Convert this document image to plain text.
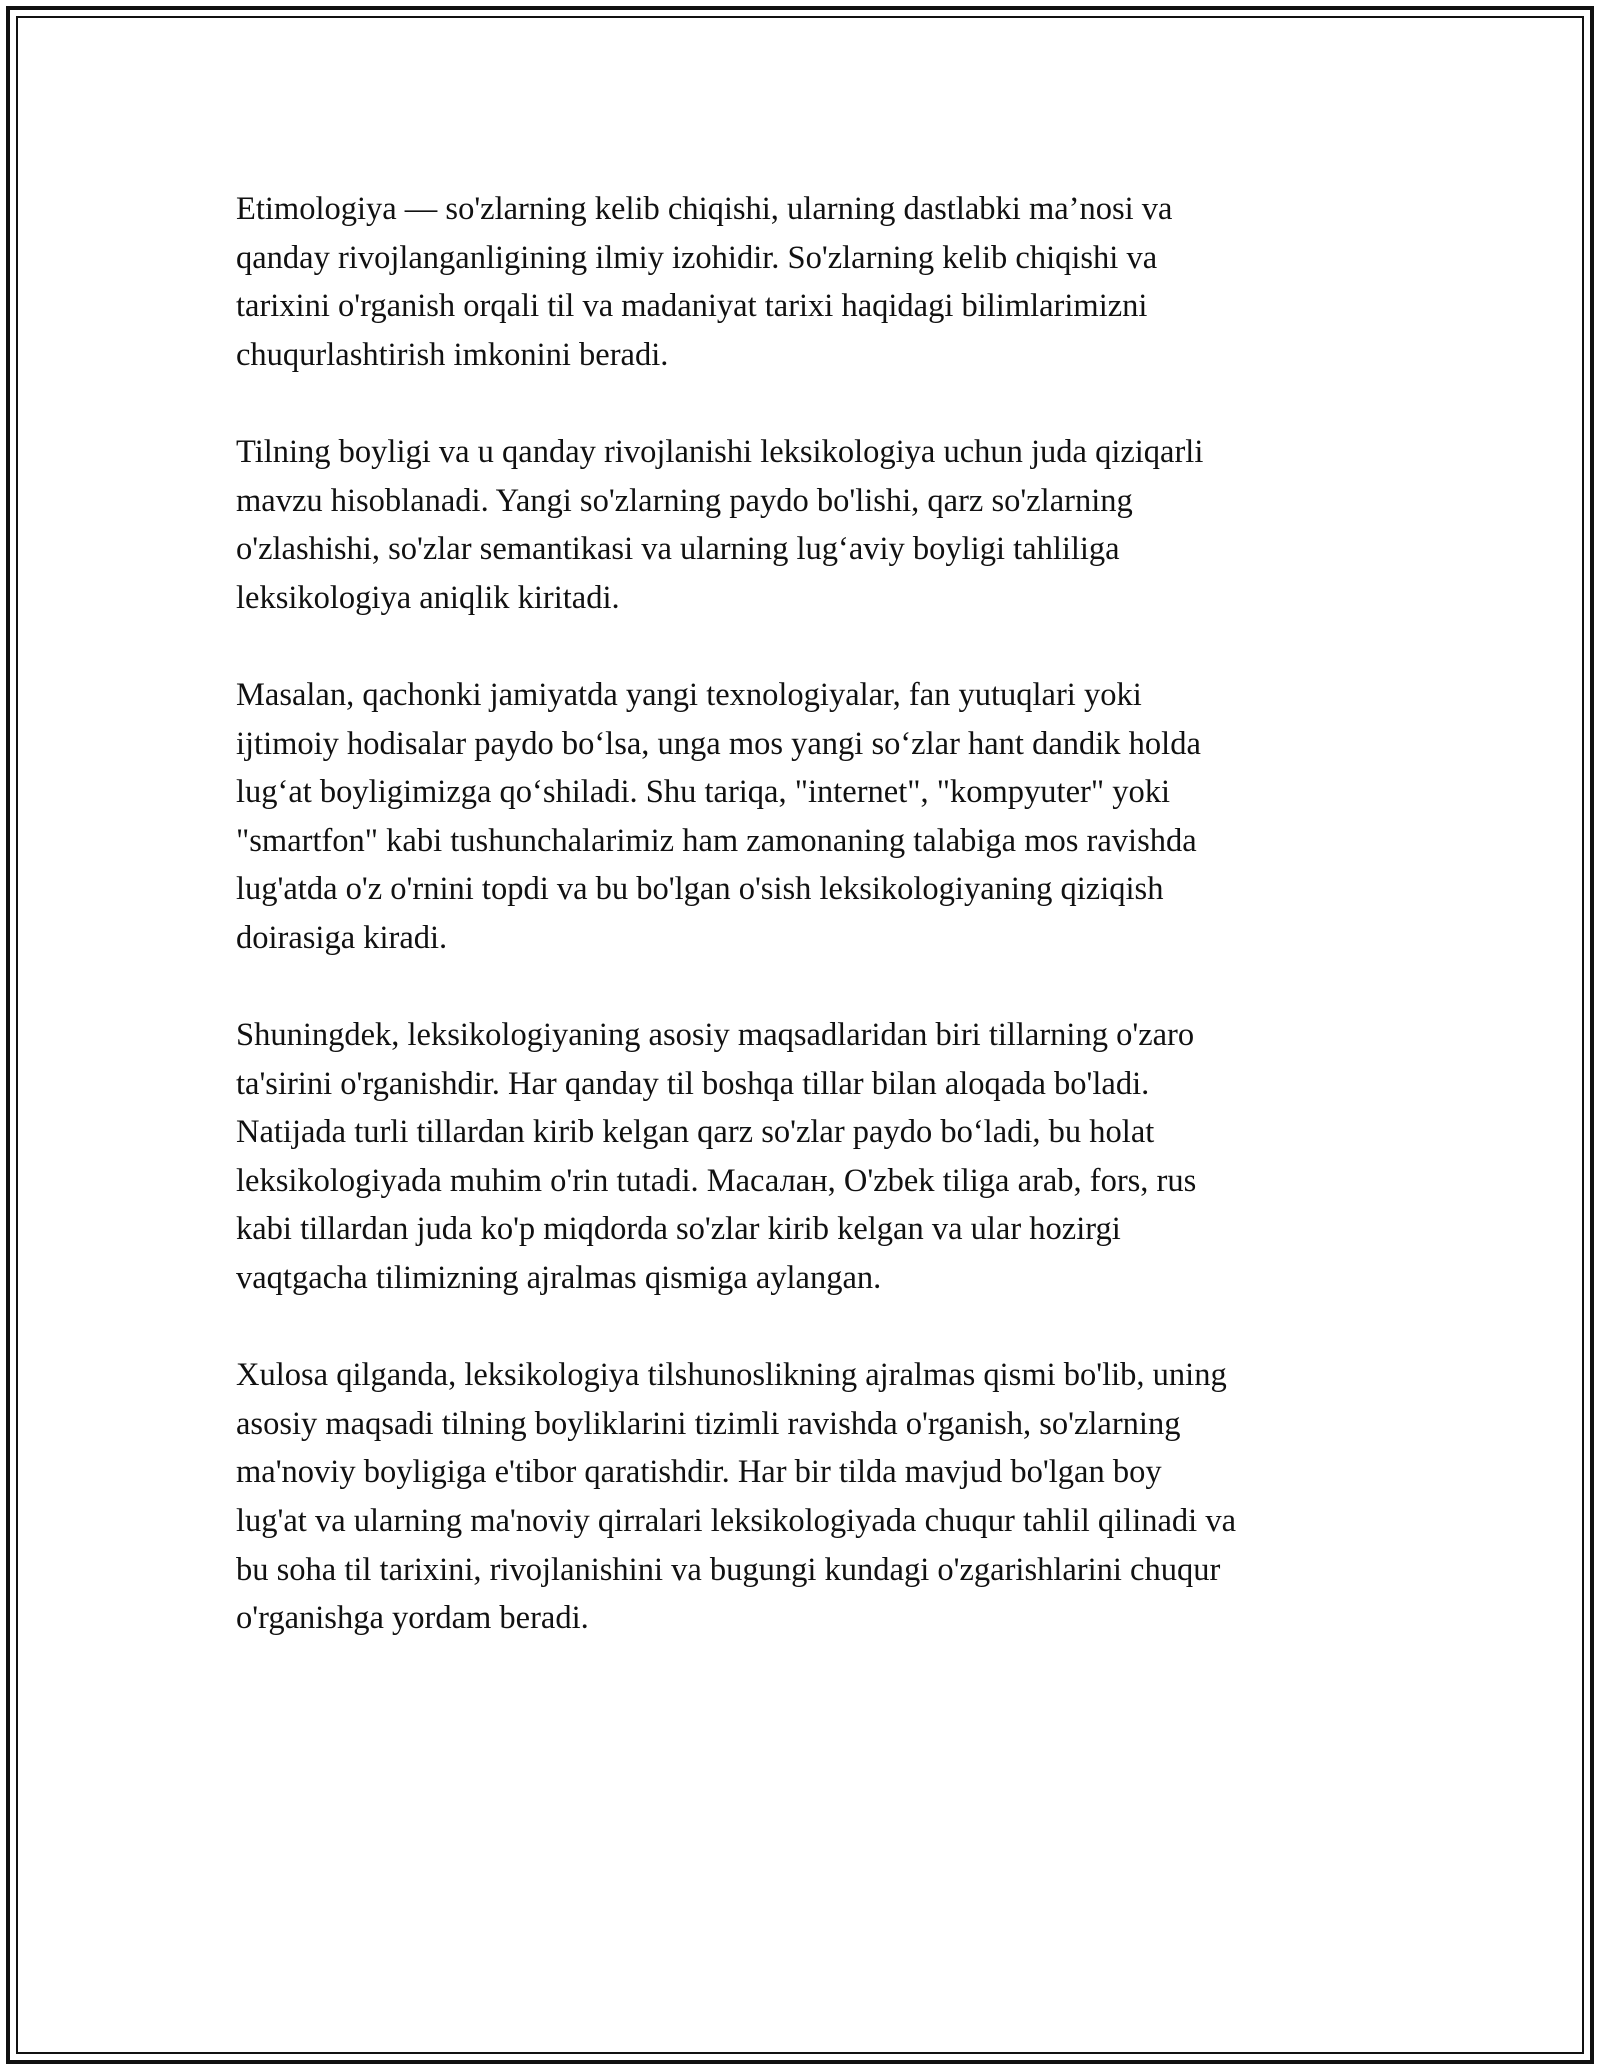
Etimologiya — so'zlarning kelib chiqishi, ularning dastlabki ma’nosi va
qanday rivojlanganligining ilmiy izohidir. So'zlarning kelib chiqishi va
tarixini o'rganish orqali til va madaniyat tarixi haqidagi bilimlarimizni
chuqurlashtirish imkonini beradi.

Tilning boyligi va u qanday rivojlanishi leksikologiya uchun juda qiziqarli
mavzu hisoblanadi. Yangi so'zlarning paydo bo'lishi, qarz so'zlarning
o'zlashishi, so'zlar semantikasi va ularning lug‘aviy boyligi tahliliga
leksikologiya aniqlik kiritadi.

Masalan, qachonki jamiyatda yangi texnologiyalar, fan yutuqlari yoki
ijtimoiy hodisalar paydo bo‘lsa, unga mos yangi so‘zlar hant dandik holda
lug‘at boyligimizga qo‘shiladi. Shu tariqa, "internet", "kompyuter" yoki
"smartfon" kabi tushunchalarimiz ham zamonaning talabiga mos ravishda
lug'atda o'z o'rnini topdi va bu bo'lgan o'sish leksikologiyaning qiziqish
doirasiga kiradi.

Shuningdek, leksikologiyaning asosiy maqsadlaridan biri tillarning o'zaro
ta'sirini o'rganishdir. Har qanday til boshqa tillar bilan aloqada bo'ladi.
Natijada turli tillardan kirib kelgan qarz so'zlar paydo bo‘ladi, bu holat
leksikologiyada muhim o'rin tutadi. Масалан, O'zbek tiliga arab, fors, rus
kabi tillardan juda ko'p miqdorda so'zlar kirib kelgan va ular hozirgi
vaqtgacha tilimizning ajralmas qismiga aylangan.

Xulosa qilganda, leksikologiya tilshunoslikning ajralmas qismi bo'lib, uning
asosiy maqsadi tilning boyliklarini tizimli ravishda o'rganish, so'zlarning
ma'noviy boyligiga e'tibor qaratishdir. Har bir tilda mavjud bo'lgan boy
lug'at va ularning ma'noviy qirralari leksikologiyada chuqur tahlil qilinadi va
bu soha til tarixini, rivojlanishini va bugungi kundagi o'zgarishlarini chuqur
o'rganishga yordam beradi.
